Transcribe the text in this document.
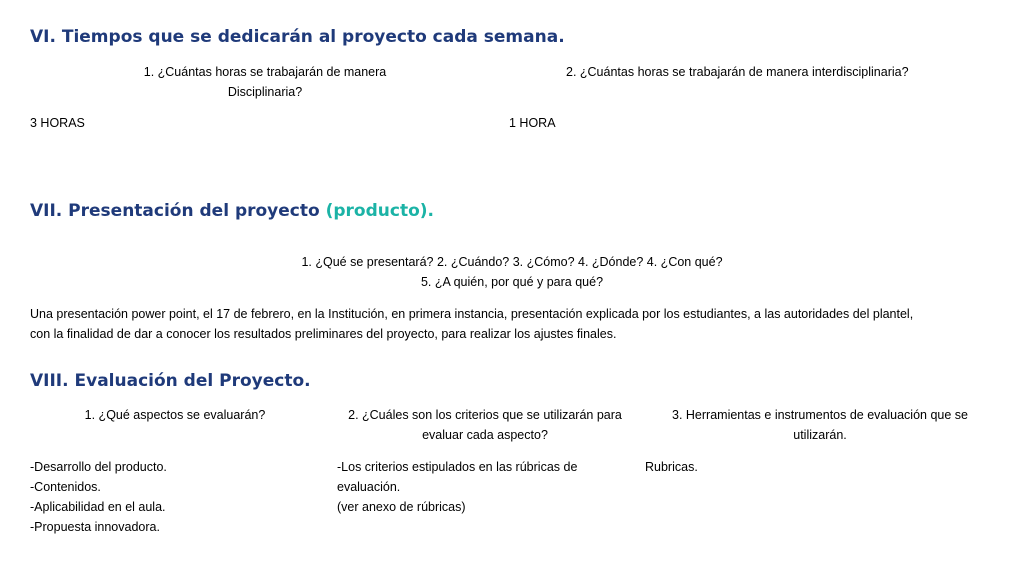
VI. Tiempos que se dedicarán al proyecto cada semana.
1. ¿Cuántas horas se trabajarán de manera
Disciplinaria?
2. ¿Cuántas horas se trabajarán de manera interdisciplinaria?
3 HORAS	1 HORA
VII. Presentación del proyecto (producto).
1. ¿Qué se presentará? 2. ¿Cuándo? 3. ¿Cómo? 4. ¿Dónde? 4. ¿Con qué?
5. ¿A quién, por qué y para qué?
Una presentación power point, el 17 de febrero, en la Institución, en primera instancia, presentación explicada por los estudiantes, a las autoridades del plantel,
con la finalidad de dar a conocer los resultados preliminares del proyecto, para realizar los ajustes finales.
VIII. Evaluación del Proyecto.
1. ¿Qué aspectos se evaluarán?	2. ¿Cuáles son los criterios que se utilizarán para
evaluar cada aspecto?
3. Herramientas e instrumentos de evaluación que se
utilizarán.
-Desarrollo del producto.
-Contenidos.
-Aplicabilidad en el aula.
-Propuesta innovadora.
-Los criterios estipulados en las rúbricas de
evaluación.
(ver anexo de rúbricas)
Rubricas.
